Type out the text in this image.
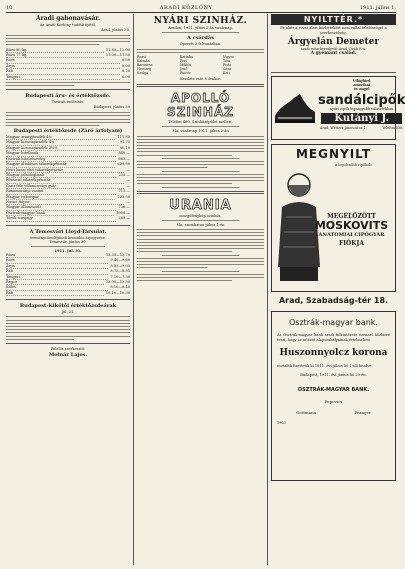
10	ARADI KÖZLÖNY	1911. július 1.
Aradi gabonavásár.
Az Aradi Közlöny tudósítójától.
Arad, június 30.
Búza 80 kg.	11.80—12.00
Búza 77 kg.	11.00—11.50
Rozs	8.50
Árpa	8.00
Zab	8.20
Tengeri	6.90
Budapesti áru- és értéktőzsde.
Távirati tudósítás.
Budapest, június 30
Budapesti értéktőzsde (Záró árfolyam)
Magyar aranyjáradék 4%	111.80
Magyar koronajáradék 4%	91.75
Magyar koronajáradék 3½%	80.10
Magyar hitelbank	848.—
Osztrák hitelrészvény	665.—
Magyar általános takarékpénztár	629.50
Pesti hazai első takarékpénztár	—
Magyar jelzálogbank	235.—
Fővárosi takarékpénztár	—
Ganz-féle villamossági gyár	—
Rimamurányi vasmű	711.—
Magyar cukoripar	225.50
Nasici faipar	—
Magyar államvasút	736.—
Osztrák-magyar bank	1900.—
Török sorsjegy	269.—
A Temesvári Lloyd-Társulat.
terménytőzsdéjének hivatalos árjegyzése.
Temesvár, június 30.
1911. Jul. 31.
Búza	12.35—12.70
Rozs	9.40—9.60
Árpa	8.85—9.05
Zab	8.75—8.95
Tengeri	7.10—7.30
Repce	13.00—13.30
Köles	8.10—8.40
Bab	10.10—10.30
Budapest-Kikötői értéktőzsdeárak
Jul. 31.
Felelős szerkesztő:
Molnár Lajos.
NYÁRI SZINHÁZ.
Aradon, 1911. július 2-án vasárnap.
A csárdás
Operett 3 felvonásban.
Rezsi	Katinka	Vigyor
Kálmán	Feri	Tóni
Baroness	Miklós	Pista
Herczeg	Jenő	Géza
Szolga	Pincér	Kati
Kezdete este 8 órakor.
APOLLÓ SZINHÁZ
Telefon 460. Színházépület mellett.
Ma, vasárnap 1911. július 2-án
URANIA
mozgófénykép színház.
Ma, szombaton július 1-én
NYILTTÉR.*
Ez alatt a rovat alatt közlöttekért nem vállal felelősséget a szerkesztőség.
Árgyelán Demeter
aradi ruha-kereskedő Arad, Deák F.-u.
A gyémánt család.
Világhírű
amerikai
és angol
sandálcipők
nyári cipők legnagyobb választékban
Kutányi J.
Arad, Weitzer János-utca 1.	Telefon 336.
MEGNYILT
a legolcsóbb cipőbolt
MEGÉLŐZÖTT
MOSKOVITS
ANATOMIAI CIPŐGYÁR
FIÓKJA
Arad, Szabadság-tér 18.
Osztrák-magyar bank.
Az Osztrák-magyar bank aradi fiókintézete ezennel közhírré teszi, hogy az intézet alapszabályainak értelmében
Huszonnyolcz korona
osztalék fizettetik ki 1911. évi július hó 1-től kezdve.
Budapest, 1911. évi június hó 29-én.
OSZTRÁK-MAGYAR BANK.
Popovics
Gottmann	Pranger
1903
